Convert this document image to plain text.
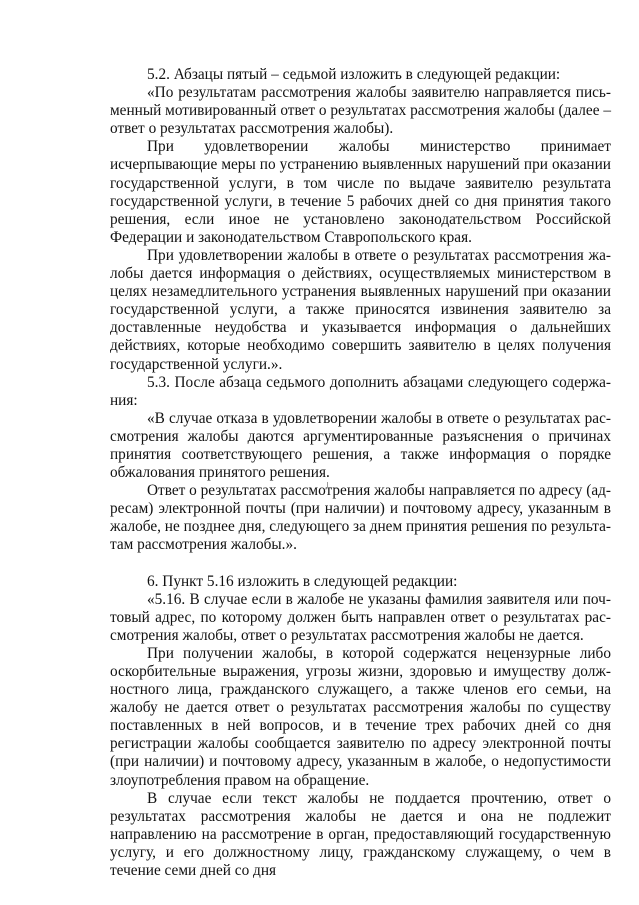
5.2. Абзацы пятый – седьмой изложить в следующей редакции:

«По результатам рассмотрения жалобы заявителю направляется письменный мотивированный ответ о результатах рассмотрения жалобы (далее – ответ о результатах рассмотрения жалобы).

При удовлетворении жалобы министерство принимает исчерпывающие меры по устранению выявленных нарушений при оказании государственной услуги, в том числе по выдаче заявителю результата государственной услуги, в течение 5 рабочих дней со дня принятия такого решения, если иное не установлено законодательством Российской Федерации и законодательством Ставропольского края.

При удовлетворении жалобы в ответе о результатах рассмотрения жалобы дается информация о действиях, осуществляемых министерством в целях незамедлительного устранения выявленных нарушений при оказании государственной услуги, а также приносятся извинения заявителю за доставленные неудобства и указывается информация о дальнейших действиях, которые необходимо совершить заявителю в целях получения государственной услуги.».

5.3. После абзаца седьмого дополнить абзацами следующего содержания:

«В случае отказа в удовлетворении жалобы в ответе о результатах рассмотрения жалобы даются аргументированные разъяснения о причинах принятия соответствующего решения, а также информация о порядке обжалования принятого решения.

Ответ о результатах рассмотрения жалобы направляется по адресу (адресам) электронной почты (при наличии) и почтовому адресу, указанным в жалобе, не позднее дня, следующего за днем принятия решения по результатам рассмотрения жалобы.».

6. Пункт 5.16 изложить в следующей редакции:

«5.16. В случае если в жалобе не указаны фамилия заявителя или почтовый адрес, по которому должен быть направлен ответ о результатах рассмотрения жалобы, ответ о результатах рассмотрения жалобы не дается.

При получении жалобы, в которой содержатся нецензурные либо оскорбительные выражения, угрозы жизни, здоровью и имуществу должностного лица, гражданского служащего, а также членов его семьи, на жалобу не дается ответ о результатах рассмотрения жалобы по существу поставленных в ней вопросов, и в течение трех рабочих дней со дня регистрации жалобы сообщается заявителю по адресу электронной почты (при наличии) и почтовому адресу, указанным в жалобе, о недопустимости злоупотребления правом на обращение.

В случае если текст жалобы не поддается прочтению, ответ о результатах рассмотрения жалобы не дается и она не подлежит направлению на рассмотрение в орган, предоставляющий государственную услугу, и его должностному лицу, гражданскому служащему, о чем в течение семи дней со дня
